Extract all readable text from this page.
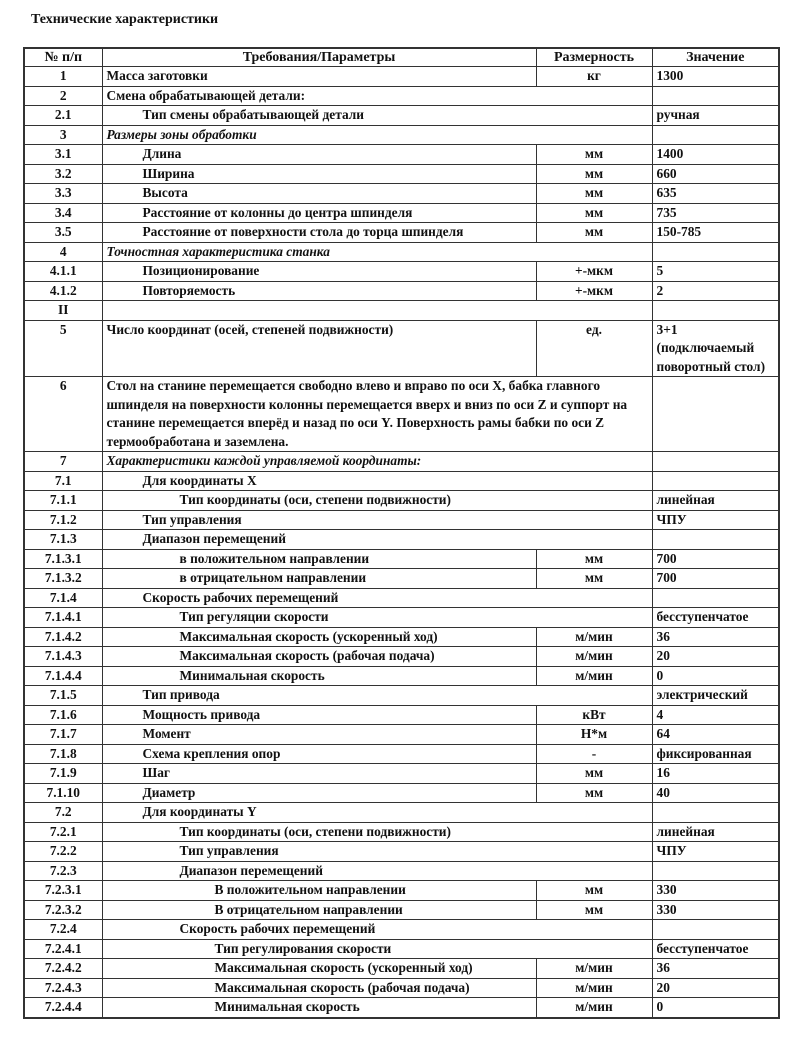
Технические характеристики
№ п/п	Требования/Параметры	Размерность	Значение
1	Масса заготовки	кг	1300
2	Смена обрабатывающей детали:		
2.1	Тип смены обрабатывающей детали		ручная
3	Размеры зоны обработки		
3.1	Длина	мм	1400
3.2	Ширина	мм	660
3.3	Высота	мм	635
3.4	Расстояние от колонны до центра шпинделя	мм	735
3.5	Расстояние от поверхности стола до торца шпинделя	мм	150-785
4	Точностная характеристика станка		
4.1.1	Позиционирование	+-мкм	5
4.1.2	Повторяемость	+-мкм	2
II			
5	Число координат (осей, степеней подвижности)	ед.	3+1 (подключаемый поворотный стол)
6	Стол на станине перемещается свободно влево и вправо по оси X, бабка главного шпинделя на поверхности колонны перемещается вверх и вниз по оси Z и суппорт на станине перемещается вперёд и назад по оси Y. Поверхность рамы бабки по оси Z термообработана и заземлена.		
7	Характеристики каждой управляемой координаты:		
7.1	Для координаты X		
7.1.1	Тип координаты (оси, степени подвижности)		линейная
7.1.2	Тип управления		ЧПУ
7.1.3	Диапазон перемещений		
7.1.3.1	в положительном направлении	мм	700
7.1.3.2	в отрицательном направлении	мм	700
7.1.4	Скорость рабочих перемещений		
7.1.4.1	Тип регуляции скорости		бесступенчатое
7.1.4.2	Максимальная скорость (ускоренный ход)	м/мин	36
7.1.4.3	Максимальная скорость (рабочая подача)	м/мин	20
7.1.4.4	Минимальная скорость	м/мин	0
7.1.5	Тип привода		электрический
7.1.6	Мощность привода	кВт	4
7.1.7	Момент	Н*м	64
7.1.8	Схема крепления опор	-	фиксированная
7.1.9	Шаг	мм	16
7.1.10	Диаметр	мм	40
7.2	Для координаты Y		
7.2.1	Тип координаты (оси, степени подвижности)		линейная
7.2.2	Тип управления		ЧПУ
7.2.3	Диапазон перемещений		
7.2.3.1	В положительном направлении	мм	330
7.2.3.2	В отрицательном направлении	мм	330
7.2.4	Скорость рабочих перемещений		
7.2.4.1	Тип регулирования скорости		бесступенчатое
7.2.4.2	Максимальная скорость (ускоренный ход)	м/мин	36
7.2.4.3	Максимальная скорость (рабочая подача)	м/мин	20
7.2.4.4	Минимальная скорость	м/мин	0
